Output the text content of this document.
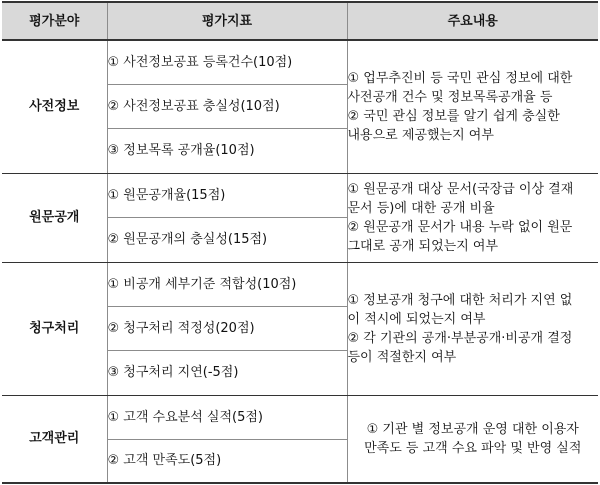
평가분야	평가지표	주요내용
사전정보	① 사전정보공표 등록건수(10점)	① 업무추진비 등 국민 관심 정보에 대한
사전공개 건수 및 정보목록공개율 등
② 국민 관심 정보를 알기 쉽게 충실한
내용으로 제공했는지 여부

	② 사전정보공표 충실성(10점)	
	③ 정보목록 공개율(10점)	
원문공개	① 원문공개율(15점)	① 원문공개 대상 문서(국장급 이상 결재
문서 등)에 대한 공개 비율
② 원문공개 문서가 내용 누락 없이 원문
그대로 공개 되었는지 여부

	② 원문공개의 충실성(15점)	
청구처리	① 비공개 세부기준 적합성(10점)	① 정보공개 청구에 대한 처리가 지연 없
이 적시에 되었는지 여부
② 각 기관의 공개·부분공개·비공개 결정
등이 적절한지 여부

	② 청구처리 적정성(20점)	
	③ 청구처리 지연(-5점)	
고객관리	① 고객 수요분석 실적(5점)	① 기관 별 정보공개 운영 대한 이용자
만족도 등 고객 수요 파악 및 반영 실적

	② 고객 만족도(5점)	
